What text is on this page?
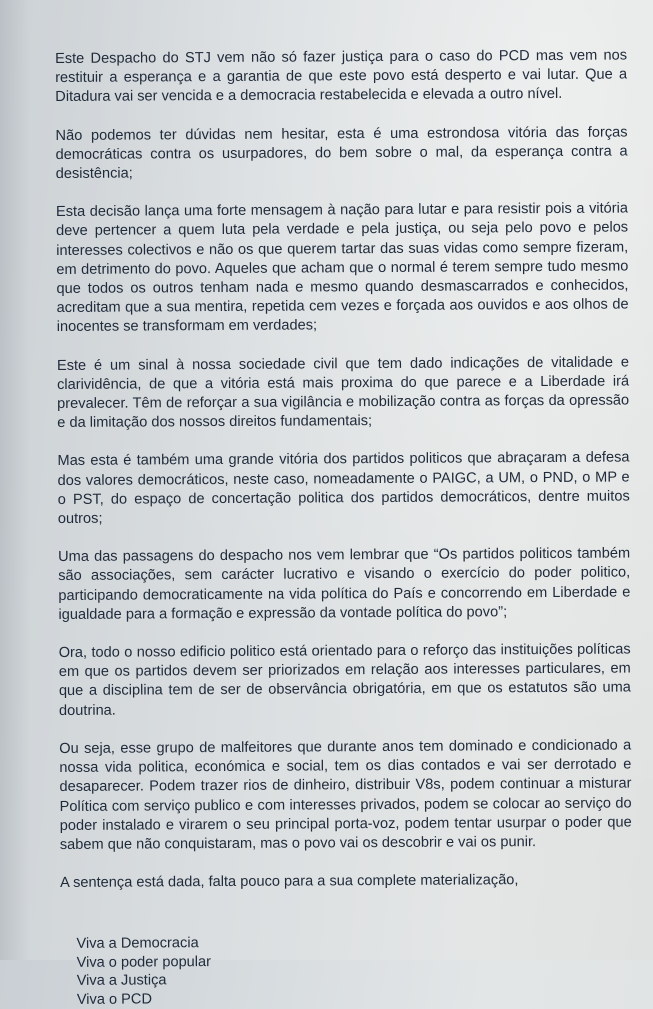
Este Despacho do STJ vem não só fazer justiça para o caso do PCD mas vem nos restituir a esperança e a garantia de que este povo está desperto e vai lutar. Que a Ditadura vai ser vencida e a democracia restabelecida e elevada a outro nível.

Não podemos ter dúvidas nem hesitar, esta é uma estrondosa vitória das forças democráticas contra os usurpadores, do bem sobre o mal, da esperança contra a desistência;

Esta decisão lança uma forte mensagem à nação para lutar e para resistir pois a vitória deve pertencer a quem luta pela verdade e pela justiça, ou seja pelo povo e pelos interesses colectivos e não os que querem tartar das suas vidas como sempre fizeram, em detrimento do povo. Aqueles que acham que o normal é terem sempre tudo mesmo que todos os outros tenham nada e mesmo quando desmascarrados e conhecidos, acreditam que a sua mentira, repetida cem vezes e forçada aos ouvidos e aos olhos de inocentes se transformam em verdades;

Este é um sinal à nossa sociedade civil que tem dado indicações de vitalidade e clarividência, de que a vitória está mais proxima do que parece e a Liberdade irá prevalecer. Têm de reforçar a sua vigilância e mobilização contra as forças da opressão e da limitação dos nossos direitos fundamentais;

Mas esta é também uma grande vitória dos partidos politicos que abraçaram a defesa dos valores democráticos, neste caso, nomeadamente o PAIGC, a UM, o PND, o MP e o PST, do espaço de concertação politica dos partidos democráticos, dentre muitos outros;

Uma das passagens do despacho nos vem lembrar que “Os partidos politicos também são associações, sem carácter lucrativo e visando o exercício do poder politico, participando democraticamente na vida política do País e concorrendo em Liberdade e igualdade para a formação e expressão da vontade política do povo”;

Ora, todo o nosso edificio politico está orientado para o reforço das instituições políticas em que os partidos devem ser priorizados em relação aos interesses particulares, em que a disciplina tem de ser de observância obrigatória, em que os estatutos são uma doutrina.

Ou seja, esse grupo de malfeitores que durante anos tem dominado e condicionado a nossa vida politica, económica e social, tem os dias contados e vai ser derrotado e desaparecer. Podem trazer rios de dinheiro, distribuir V8s, podem continuar a misturar Política com serviço publico e com interesses privados, podem se colocar ao serviço do poder instalado e virarem o seu principal porta-voz, podem tentar usurpar o poder que sabem que não conquistaram, mas o povo vai os descobrir e vai os punir.

A sentença está dada, falta pouco para a sua complete materialização,

Viva a Democracia
Viva o poder popular
Viva a Justiça
Viva o PCD
